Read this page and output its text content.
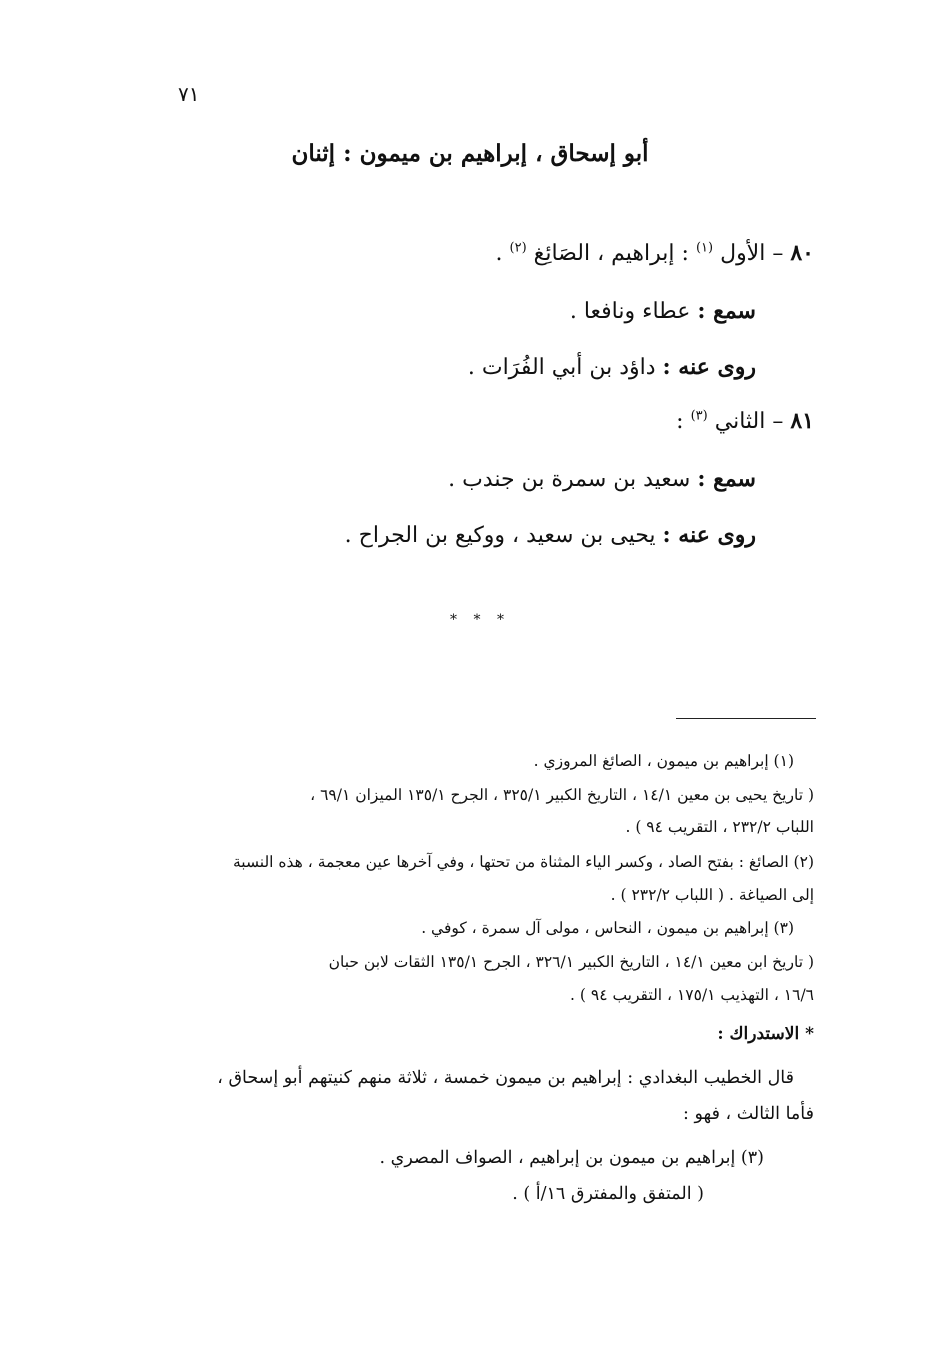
٧١
أبو إسحاق ، إبراهيم بن ميمون : إثنان
٨٠ – الأول $^{(١)}$ : إبراهيم ، الصَائِغ $^{(٢)}$ .
سمع : عطاء ونافعا .
روى عنه : داؤد بن أبي الفُرَات .
٨١ – الثاني $^{(٣)}$ :
سمع : سعيد بن سمرة بن جندب .
روى عنه : يحيى بن سعيد ، ووكيع بن الجراح .
* * *
(١) إبراهيم بن ميمون ، الصائغ المروزي .
( تاريخ يحيى بن معين ١٤/١ ، التاريخ الكبير ٣٢٥/١ ، الجرح ١٣٥/١ الميزان ٦٩/١ ،
اللباب ٢٣٢/٢ ، التقريب ٩٤ ) .
(٢) الصائغ : بفتح الصاد ، وكسر الياء المثناة من تحتها ، وفي آخرها عين معجمة ، هذه النسبة
إلى الصياغة . ( اللباب ٢٣٢/٢ ) .
(٣) إبراهيم بن ميمون ، النحاس ، مولى آل سمرة ، كوفي .
( تاريخ ابن معين ١٤/١ ، التاريخ الكبير ٣٢٦/١ ، الجرح ١٣٥/١ الثقات لابن حبان
١٦/٦ ، التهذيب ١٧٥/١ ، التقريب ٩٤ ) .
* الاستدراك :
قال الخطيب البغدادي : إبراهيم بن ميمون خمسة ، ثلاثة منهم كنيتهم أبو إسحاق ،
فأما الثالث ، فهو :
(٣) إبراهيم بن ميمون بن إبراهيم ، الصواف المصري .
( المتفق والمفترق ١٦/أ ) .
